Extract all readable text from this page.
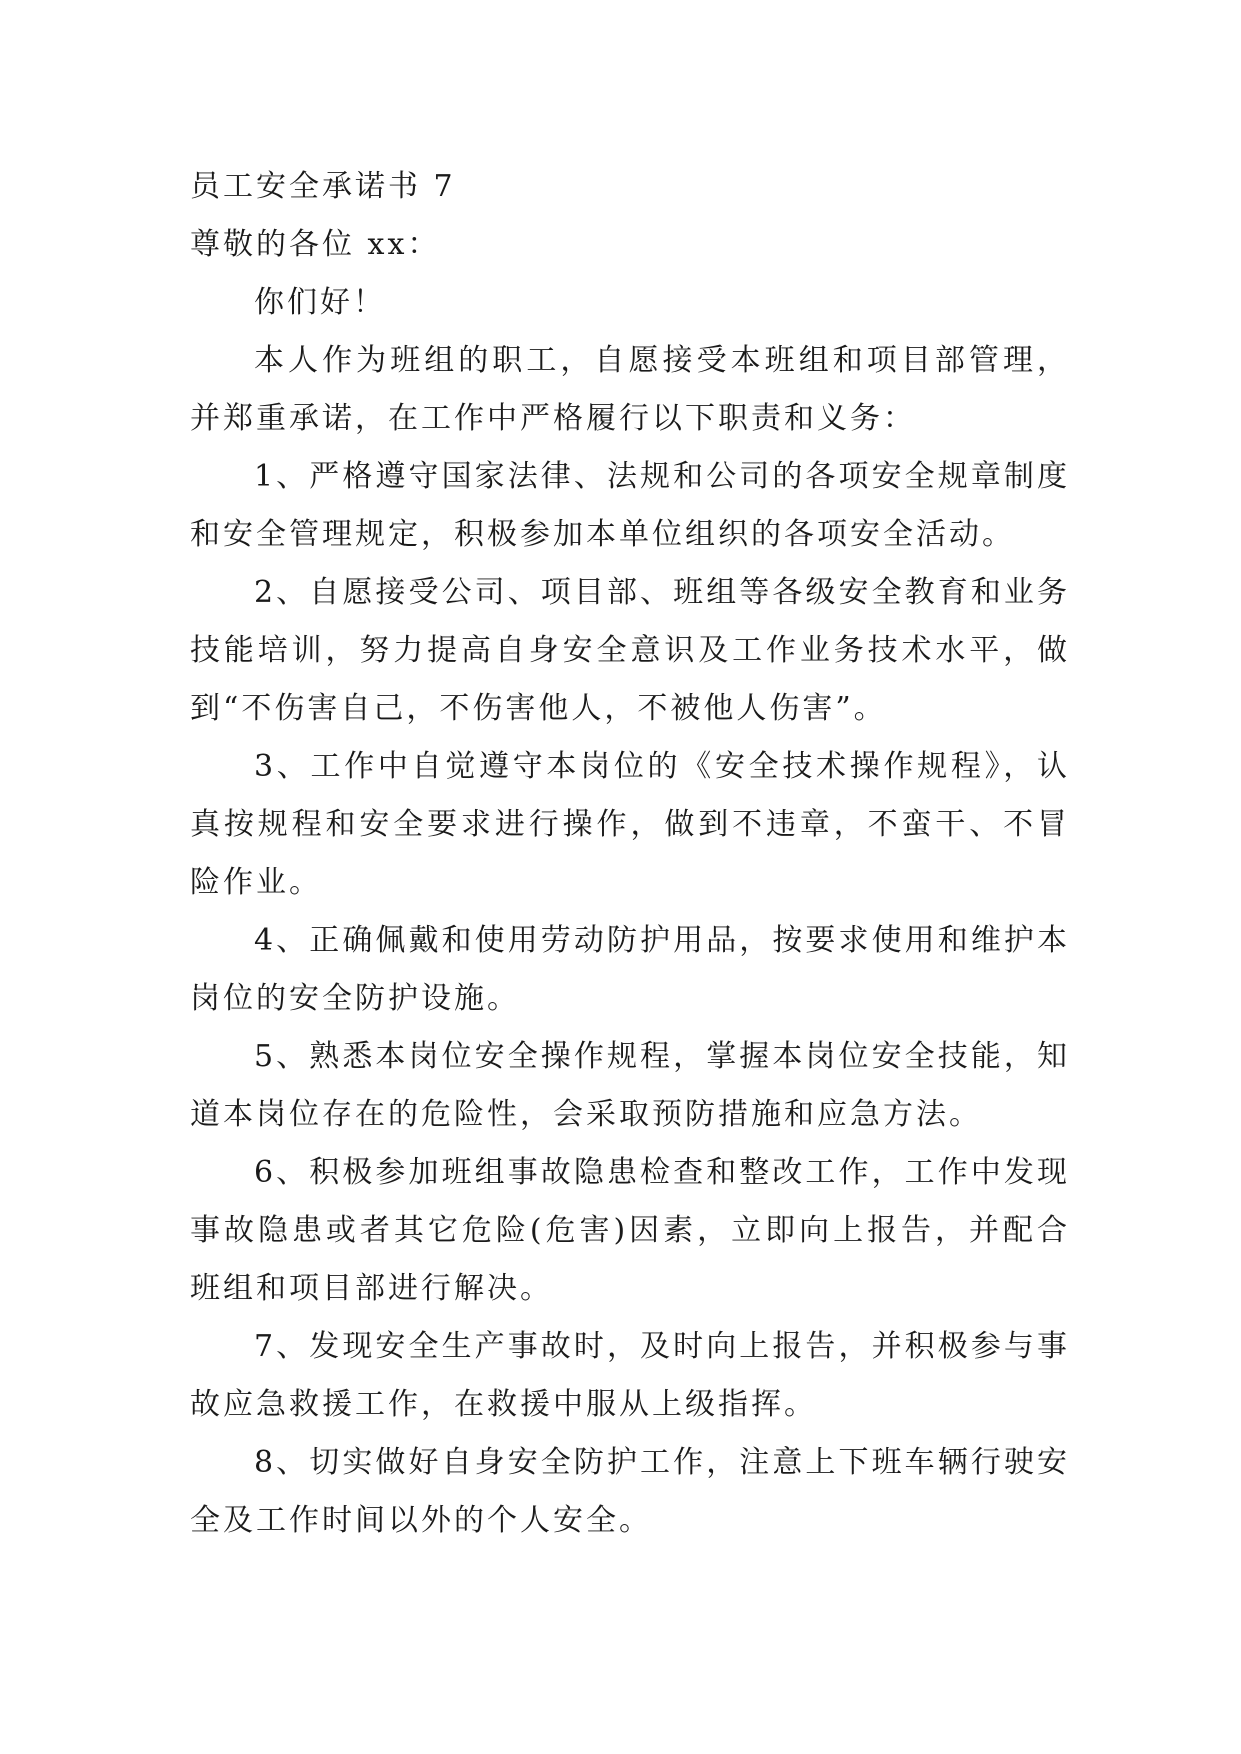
员工安全承诺书 7

尊敬的各位 xx：

你们好！

本人作为班组的职工，自愿接受本班组和项目部管理，并郑重承诺，在工作中严格履行以下职责和义务：

1、严格遵守国家法律、法规和公司的各项安全规章制度和安全管理规定，积极参加本单位组织的各项安全活动。

2、自愿接受公司、项目部、班组等各级安全教育和业务技能培训，努力提高自身安全意识及工作业务技术水平，做到“不伤害自己，不伤害他人，不被他人伤害”。

3、工作中自觉遵守本岗位的《安全技术操作规程》，认真按规程和安全要求进行操作，做到不违章，不蛮干、不冒险作业。

4、正确佩戴和使用劳动防护用品，按要求使用和维护本岗位的安全防护设施。

5、熟悉本岗位安全操作规程，掌握本岗位安全技能，知道本岗位存在的危险性，会采取预防措施和应急方法。

6、积极参加班组事故隐患检查和整改工作，工作中发现事故隐患或者其它危险(危害)因素，立即向上报告，并配合班组和项目部进行解决。

7、发现安全生产事故时，及时向上报告，并积极参与事故应急救援工作，在救援中服从上级指挥。

8、切实做好自身安全防护工作，注意上下班车辆行驶安全及工作时间以外的个人安全。
